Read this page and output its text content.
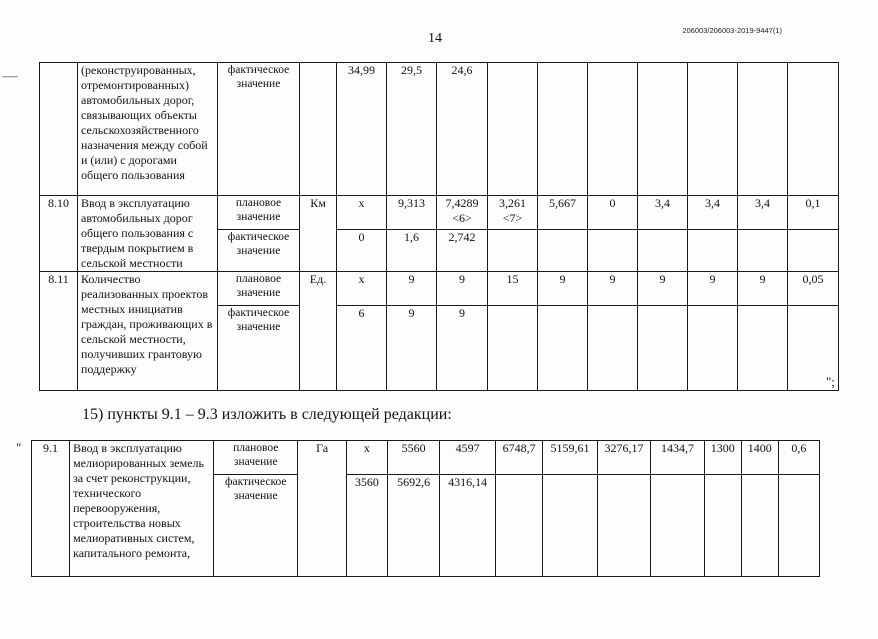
14
206003/206003-2019-9447(1)
---------
		(реконструированных, отремонтированных) автомобильных дорог, связывающих объекты сельскохозяйственного назначения между собой и (или) с дорогами общего пользования	фактическое значение		34,99	29,5	24,6							
8.10	Ввод в эксплуатацию автомобильных дорог общего пользования с твердым покрытием в сельской местности	плановое значение	Км	х	9,313	7,4289 <6>	3,261 <7>	5,667	0	3,4	3,4	3,4	0,1
		фактическое значение		0	1,6	2,742							
8.11	Количество реализованных проектов местных инициатив граждан, проживающих в сельской местности, получивших грантовую поддержку	плановое значение	Ед.	х	9	9	15	9	9	9	9	9	0,05
		фактическое значение		6	9	9							
";
15) пункты 9.1 – 9.3 изложить в следующей редакции:
" 9.1	Ввод в эксплуатацию мелиорированных земель за счет реконструкции, технического перевооружения, строительства новых мелиоративных систем, капитального ремонта,	плановое значение	Га	х	5560	4597	6748,7	5159,61	3276,17	1434,7	1300	1400	0,6
		фактическое значение		3560	5692,6	4316,14							
